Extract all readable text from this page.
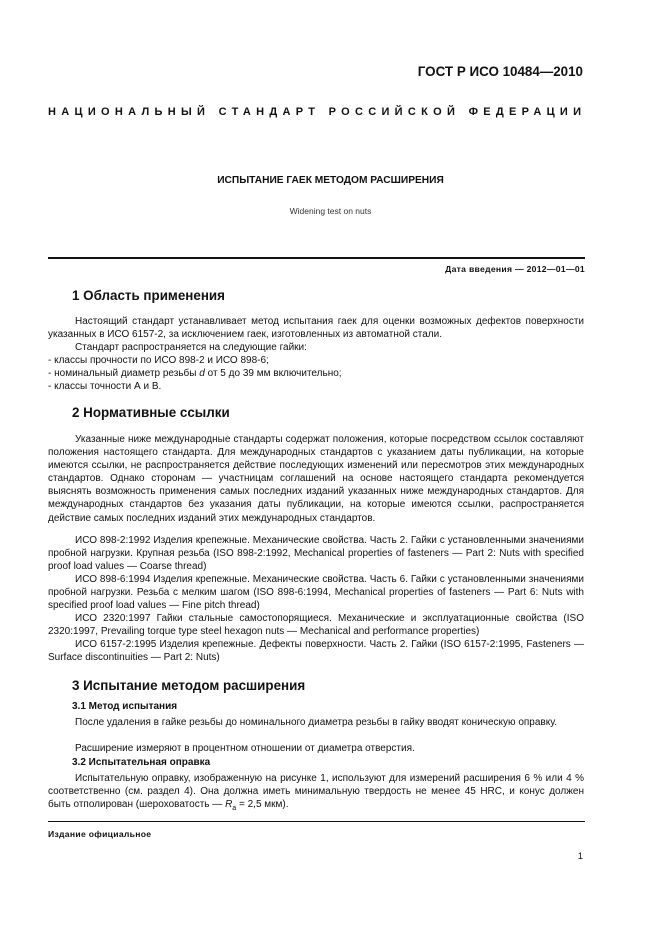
ГОСТ Р ИСО 10484—2010
НАЦИОНАЛЬНЫЙ СТАНДАРТ РОССИЙСКОЙ ФЕДЕРАЦИИ
ИСПЫТАНИЕ ГАЕК МЕТОДОМ РАСШИРЕНИЯ
Widening test on nuts
Дата введения — 2012—01—01
1 Область применения

Настоящий стандарт устанавливает метод испытания гаек для оценки возможных дефектов поверхности указанных в ИСО 6157-2, за исключением гаек, изготовленных из автоматной стали.

Стандарт распространяется на следующие гайки:

- классы прочности по ИСО 898-2 и ИСО 898-6;

- номинальный диаметр резьбы d от 5 до 39 мм включительно;

- классы точности А и В.

2 Нормативные ссылки

Указанные ниже международные стандарты содержат положения, которые посредством ссылок составляют положения настоящего стандарта. Для международных стандартов с указанием даты публикации, на которые имеются ссылки, не распространяется действие последующих изменений или пересмотров этих международных стандартов. Однако сторонам — участницам соглашений на основе настоящего стандарта рекомендуется выяснять возможность применения самых последних изданий указанных ниже международных стандартов. Для международных стандартов без указания даты публикации, на которые имеются ссылки, распространяется действие самых последних изданий этих международных стандартов.

ИСО 898-2:1992 Изделия крепежные. Механические свойства. Часть 2. Гайки с установленными значениями пробной нагрузки. Крупная резьба (ISO 898-2:1992, Mechanical properties of fasteners — Part 2: Nuts with specified proof load values — Coarse thread)

ИСО 898-6:1994 Изделия крепежные. Механические свойства. Часть 6. Гайки с установленными значениями пробной нагрузки. Резьба с мелким шагом (ISO 898-6:1994, Mechanical properties of fasteners — Part 6: Nuts with specified proof load values — Fine pitch thread)

ИСО 2320:1997 Гайки стальные самостопорящиеся. Механические и эксплуатационные свойства (ISO 2320:1997, Prevailing torque type steel hexagon nuts — Mechanical and performance properties)

ИСО 6157-2:1995 Изделия крепежные. Дефекты поверхности. Часть 2. Гайки (ISO 6157-2:1995, Fasteners — Surface discontinuities — Part 2: Nuts)

3 Испытание методом расширения
3.1 Метод испытания

После удаления в гайке резьбы до номинального диаметра резьбы в гайку вводят коническую оправку.

Расширение измеряют в процентном отношении от диаметра отверстия.

3.2 Испытательная оправка

Испытательную оправку, изображенную на рисунке 1, используют для измерений расширения 6 % или 4 % соответственно (см. раздел 4). Она должна иметь минимальную твердость не менее 45 HRC, и конус должен быть отполирован (шероховатость — $R_a = 2,5$ мкм).

Издание официальное
1
